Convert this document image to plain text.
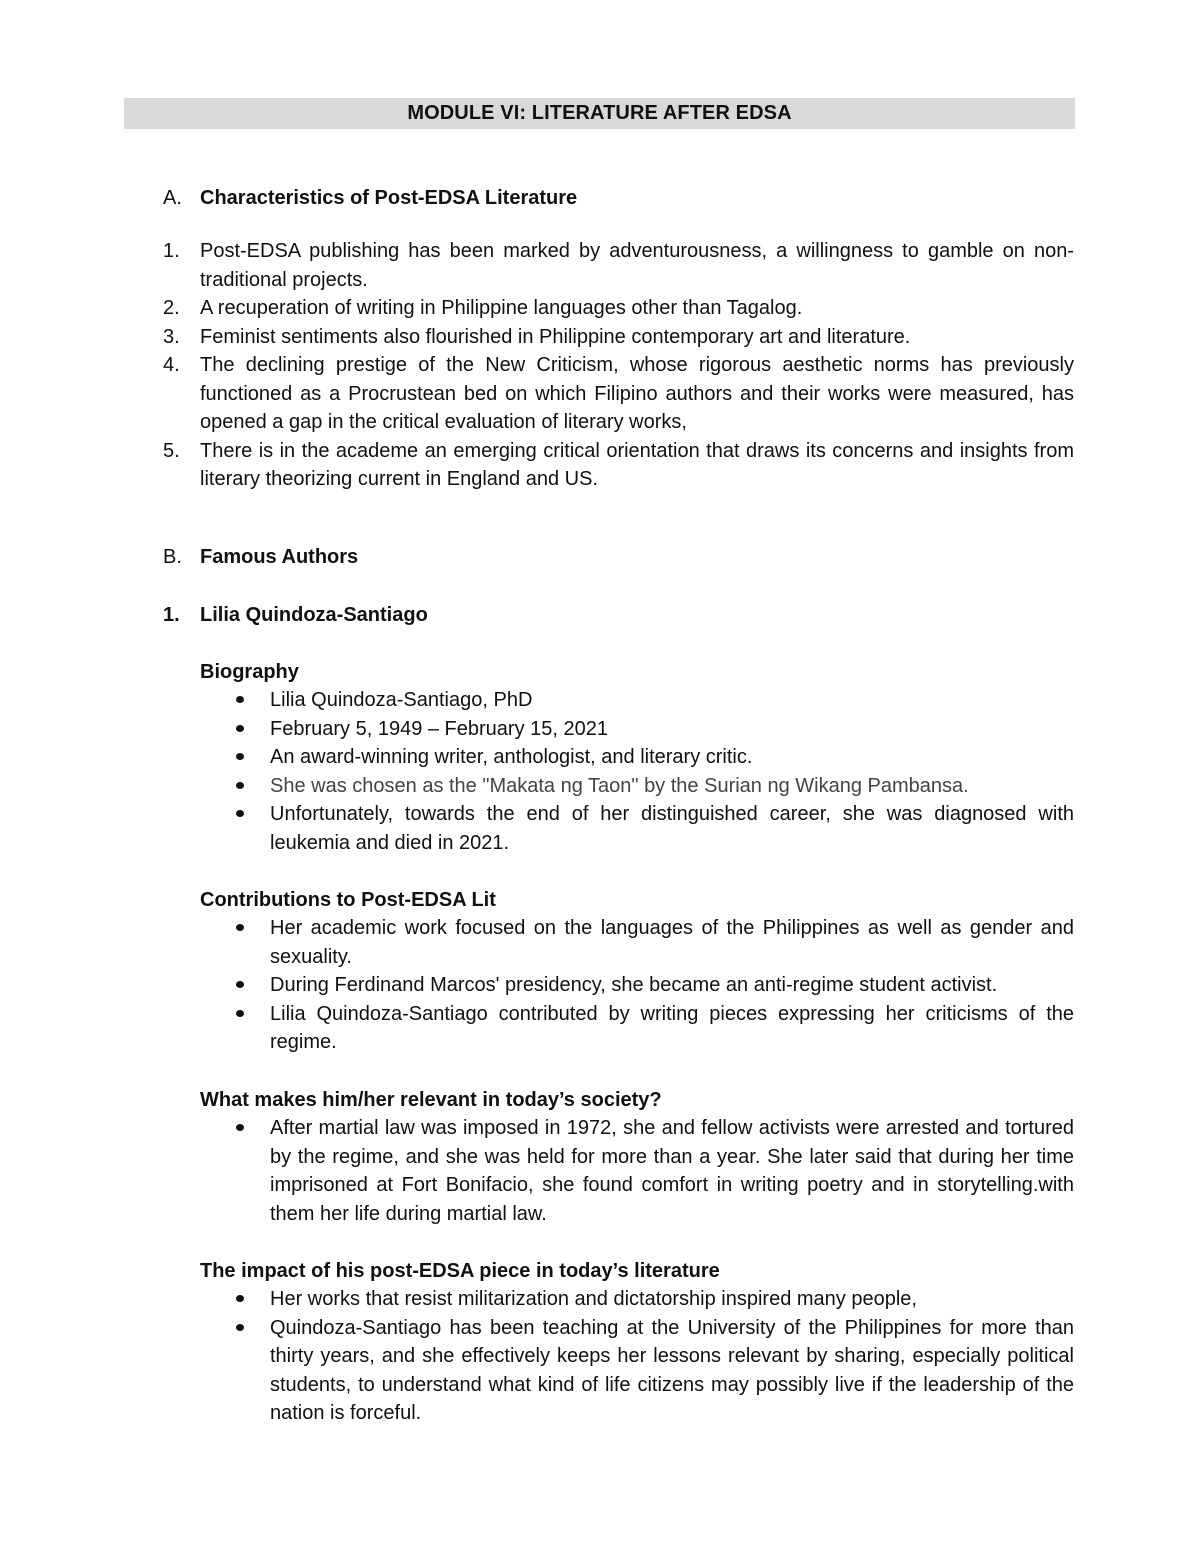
MODULE VI: LITERATURE AFTER EDSA
A. Characteristics of Post-EDSA Literature
1. Post-EDSA publishing has been marked by adventurousness, a willingness to gamble on non- traditional projects.
2. A recuperation of writing in Philippine languages other than Tagalog.
3. Feminist sentiments also flourished in Philippine contemporary art and literature.
4. The declining prestige of the New Criticism, whose rigorous aesthetic norms has previously functioned as a Procrustean bed on which Filipino authors and their works were measured, has opened a gap in the critical evaluation of literary works,
5. There is in the academe an emerging critical orientation that draws its concerns and insights from literary theorizing current in England and US.
B. Famous Authors
1. Lilia Quindoza-Santiago
Biography
Lilia Quindoza-Santiago, PhD
February 5, 1949 – February 15, 2021
An award-winning writer, anthologist, and literary critic.
She was chosen as the "Makata ng Taon" by the Surian ng Wikang Pambansa.
Unfortunately, towards the end of her distinguished career, she was diagnosed with leukemia and died in 2021.
Contributions to Post-EDSA Lit
Her academic work focused on the languages of the Philippines as well as gender and sexuality.
During Ferdinand Marcos' presidency, she became an anti-regime student activist.
Lilia Quindoza-Santiago contributed by writing pieces expressing her criticisms of the regime.
What makes him/her relevant in today’s society?
After martial law was imposed in 1972, she and fellow activists were arrested and tortured by the regime, and she was held for more than a year. She later said that during her time imprisoned at Fort Bonifacio, she found comfort in writing poetry and in storytelling.with them her life during martial law.
The impact of his post-EDSA piece in today’s literature
Her works that resist militarization and dictatorship inspired many people,
Quindoza-Santiago has been teaching at the University of the Philippines for more than thirty years, and she effectively keeps her lessons relevant by sharing, especially political students, to understand what kind of life citizens may possibly live if the leadership of the nation is forceful.
